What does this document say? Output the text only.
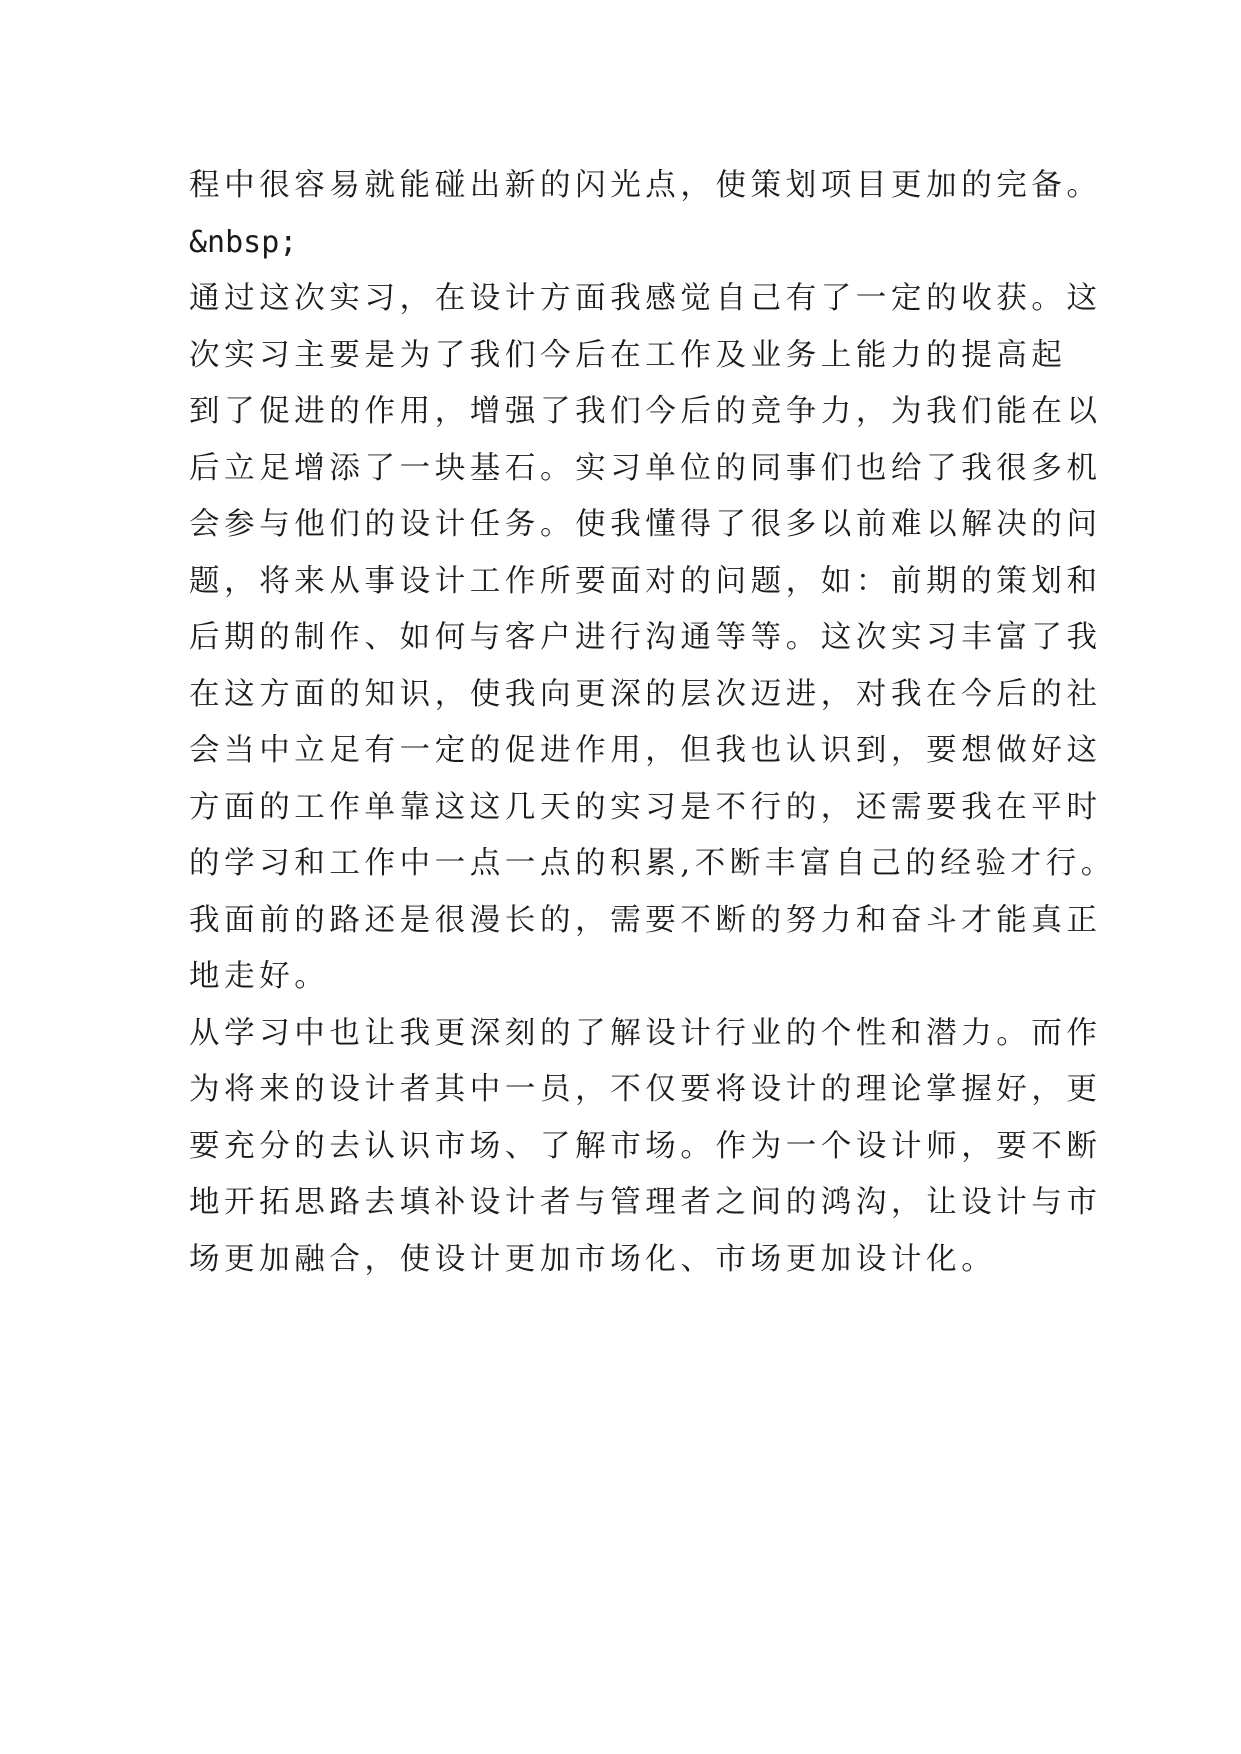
程中很容易就能碰出新的闪光点，使策划项目更加的完备。
&nbsp;
通过这次实习，在设计方面我感觉自己有了一定的收获。这
次实习主要是为了我们今后在工作及业务上能力的提高起
到了促进的作用，增强了我们今后的竞争力，为我们能在以
后立足增添了一块基石。实习单位的同事们也给了我很多机
会参与他们的设计任务。使我懂得了很多以前难以解决的问
题，将来从事设计工作所要面对的问题，如：前期的策划和
后期的制作、如何与客户进行沟通等等。这次实习丰富了我
在这方面的知识，使我向更深的层次迈进，对我在今后的社
会当中立足有一定的促进作用，但我也认识到，要想做好这
方面的工作单靠这这几天的实习是不行的，还需要我在平时
的学习和工作中一点一点的积累,不断丰富自己的经验才行。
我面前的路还是很漫长的，需要不断的努力和奋斗才能真正
地走好。
从学习中也让我更深刻的了解设计行业的个性和潜力。而作
为将来的设计者其中一员，不仅要将设计的理论掌握好，更
要充分的去认识市场、了解市场。作为一个设计师，要不断
地开拓思路去填补设计者与管理者之间的鸿沟，让设计与市
场更加融合，使设计更加市场化、市场更加设计化。
